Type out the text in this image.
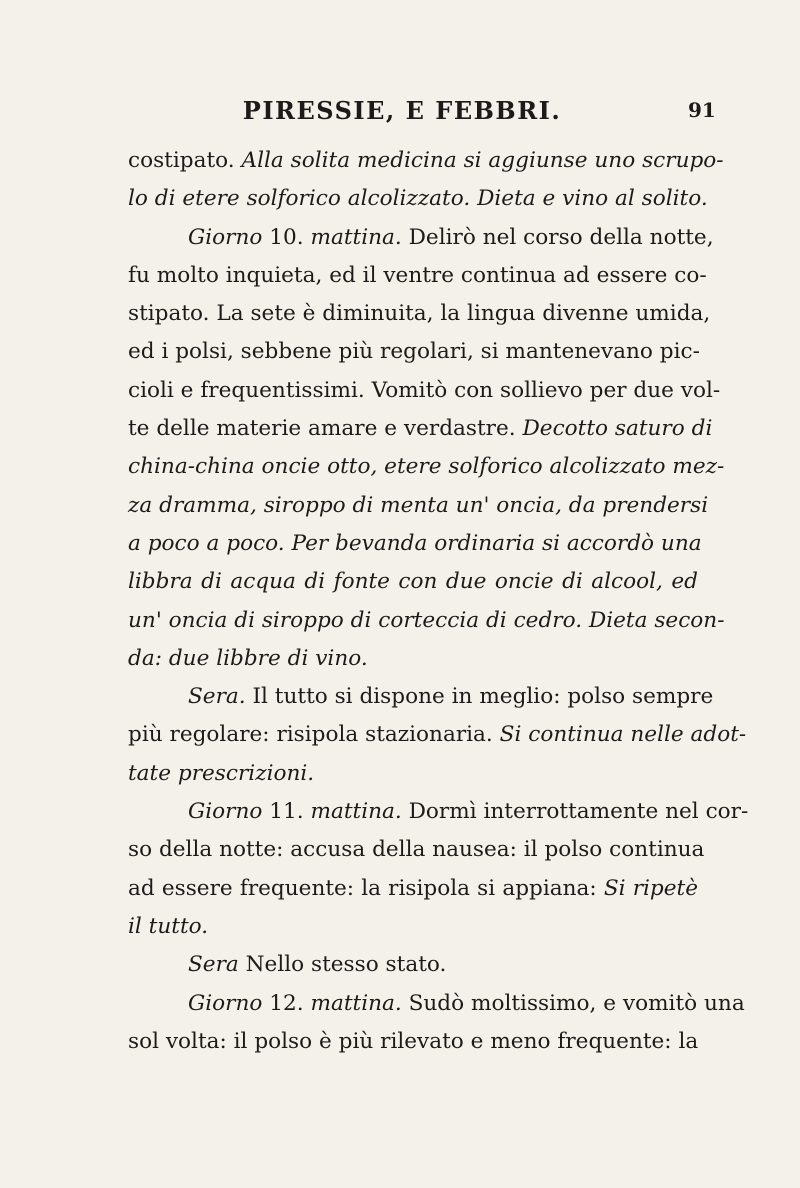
PIRESSIE, E FEBBRI.	91
costipato. Alla solita medicina si aggiunse uno scrupo-
lo di etere solforico alcolizzato. Dieta e vino al solito.
Giorno 10. mattina. Delirò nel corso della notte,
fu molto inquieta, ed il ventre continua ad essere co-
stipato. La sete è diminuita, la lingua divenne umida,
ed i polsi, sebbene più regolari, si mantenevano pic-
cioli e frequentissimi. Vomitò con sollievo per due vol-
te delle materie amare e verdastre. Decotto saturo di
china-china oncie otto, etere solforico alcolizzato mez-
za dramma, siroppo di menta un' oncia, da prendersi
a poco a poco. Per bevanda ordinaria si accordò una
libbra di acqua di fonte con due oncie di alcool, ed
un' oncia di siroppo di corteccia di cedro. Dieta secon-
da: due libbre di vino.
Sera. Il tutto si dispone in meglio: polso sempre
più regolare: risipola stazionaria. Si continua nelle adot-
tate prescrizioni.
Giorno 11. mattina. Dormì interrottamente nel cor-
so della notte: accusa della nausea: il polso continua
ad essere frequente: la risipola si appiana: Si ripetè
il tutto.
Sera Nello stesso stato.
Giorno 12. mattina. Sudò moltissimo, e vomitò una
sol volta: il polso è più rilevato e meno frequente: la
